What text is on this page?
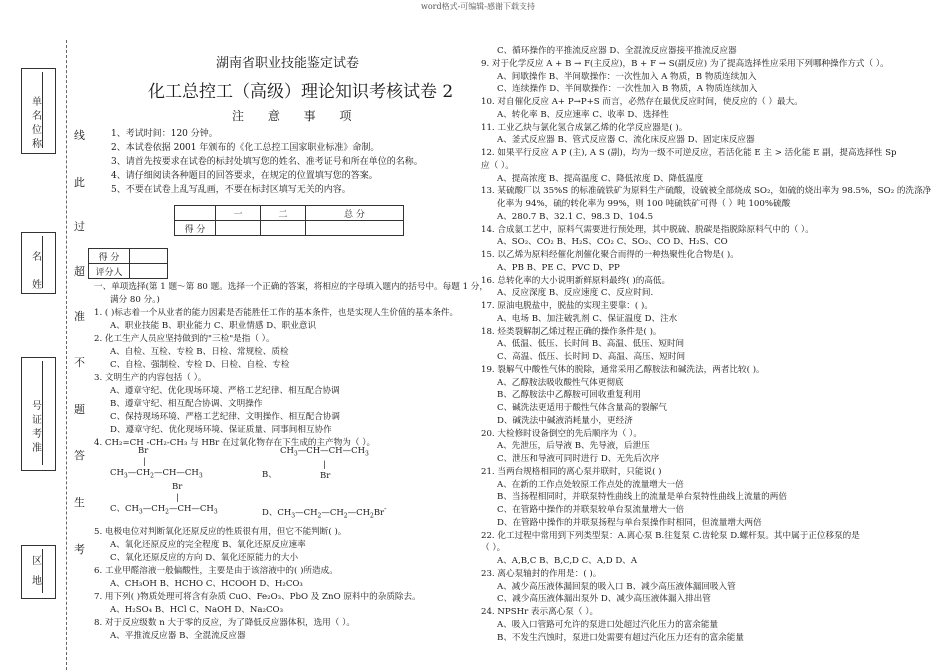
word格式-可编辑-感谢下载支持
单
名
位
称
名
姓
号
证
考
准
区
地
线
此
过
超
准
不
题
答
生
考
湖南省职业技能鉴定试卷
化工总控工（高级）理论知识考核试卷 2
注 意 事 项
1、考试时间：120 分钟。
2、本试卷依据 2001 年颁布的《化工总控工国家职业标准》命制。
3、请首先按要求在试卷的标封处填写您的姓名、准考证号和所在单位的名称。
4、请仔细阅读各种题目的回答要求，在规定的位置填写您的答案。
5、不要在试卷上乱写乱画，不要在标封区填写无关的内容。
	一	二	总 分
得 分			
得 分	
评分人	
一、单项选择(第 1 题～第 80 题。选择一个正确的答案，将相应的字母填入题内的括号中。每题 1 分，
满分 80 分。)
1. ( )标志着一个从业者的能力因素是否能胜任工作的基本条件，也是实现人生价值的基本条件。
A、职业技能 B、职业能力 C、职业情感 D、职业意识
2. 化工生产人员应坚持做到的"三检"是指（ ）。
A、自检、互检、专检 B、日检、常规检、质检
C、自检、强制检、专检 D、日检、自检、专检
3. 文明生产的内容包括（ ）。
A、遵章守纪、优化现场环境、严格工艺纪律、相互配合协调
B、遵章守纪、相互配合协调、文明操作
C、保持现场环境、严格工艺纪律、文明操作、相互配合协调
D、遵章守纪、优化现场环境、保证质量、同事间相互协作
4. CH₂=CH -CH₂-CH₃ 与 HBr 在过氧化物存在下生成的主产物为（ ）。
Br
|
$CH_3—CH_2—CH—CH_3$	B、
$CH_3—CH—CH—CH_3$
|
Br
Br
|
C、$CH_3—CH_2—CH—CH_3$	D、$CH_3—CH_2—CH_2—CH_2Br^-$
5. 电极电位对判断氧化还原反应的性质很有用，但它不能判断( )。
A、氧化还原反应的完全程度 B、氧化还原反应速率
C、氧化还原反应的方向 D、氧化还原能力的大小
6. 工业甲醛溶液一般偏酸性，主要是由于该溶液中的( )所造成。
A、CH₃OH B、HCHO C、HCOOH D、H₂CO₃
7. 用下列( )物质处理可将含有杂质 CuO、Fe₂O₃、PbO 及 ZnO 原料中的杂质除去。
A、H₂SO₄ B、HCl C、NaOH D、Na₂CO₃
8. 对于反应级数 n 大于零的反应，为了降低反应器体积，选用（ ）。
A、平推流反应器 B、全混流反应器
C、循环操作的平推流反应器 D、全混流反应器接平推流反应器
9. 对于化学反应 A + B → F(主反应)，B + F → S(副反应) 为了提高选择性应采用下列哪种操作方式（ ）。
A、间歇操作 B、半间歇操作：一次性加入 A 物质，B 物质连续加入
C、连续操作 D、半间歇操作：一次性加入 B 物质，A 物质连续加入
10. 对自催化反应 A+ P→P+S 而言，必然存在最优反应时间，使反应的（ ）最大。
A、转化率 B、反应速率 C、收率 D、选择性
11. 工业乙炔与氯化氢合成氯乙烯的化学反应器是( )。
A、釜式反应器 B、管式反应器 C、流化床反应器 D、固定床反应器
12. 如果平行反应 A P (主), A S (副)，均为一级不可逆反应，若活化能 E 主 > 活化能 E 副，提高选择性 Sp
应（ ）。
A、提高浓度 B、提高温度 C、降低浓度 D、降低温度
13. 某硫酸厂以 35%S 的标准硫铁矿为原料生产硫酸，设硫被全部烧成 SO₂，如硫的烧出率为 98.5%，SO₂ 的洗涤净
化率为 94%，硫的转化率为 99%，则 100 吨硫铁矿可得（ ）吨 100%硫酸
A、280.7 B、32.1 C、98.3 D、104.5
14. 合成氨工艺中，原料气需要进行预处理，其中脱硫、脱碳是指脱除原料气中的（ ）。
A、SO₂、CO₂ B、H₂S、CO₂ C、SO₂、CO D、H₂S、CO
15. 以乙烯为原料经催化剂催化聚合而得的一种热聚性化合物是( )。
A、PB B、PE C、PVC D、PP
16. 总转化率的大小说明新鲜原料最终( )的高低。
A、反应深度 B、反应速度 C、反应时间.
17. 原油电脱盐中，脱盐的实现主要靠：( )。
A、电场 B、加注破乳剂 C、保证温度 D、注水
18. 烃类裂解制乙烯过程正确的操作条件是( )。
A、低温、低压、长时间 B、高温、低压、短时间
C、高温、低压、长时间 D、高温、高压、短时间
19. 裂解气中酸性气体的脱除，通常采用乙醇胺法和碱洗法，两者比较( )。
A、乙醇胺法吸收酸性气体更彻底
B、乙醇胺法中乙醇胺可回收重复利用
C、碱洗法更适用于酸性气体含量高的裂解气
D、碱洗法中碱液消耗量小，更经济
20. 大检修时设备倒空的先后顺序为（ ）。
A、先泄压，后导液 B、先导液，后泄压
C、泄压和导液可同时进行 D、无先后次序
21. 当两台规格相同的离心泵并联时，只能说( )
A、在新的工作点处较原工作点处的流量增大一倍
B、当扬程相同时，并联泵特性曲线上的流量是单台泵特性曲线上流量的两倍
C、在管路中操作的并联泵较单台泵流量增大一倍
D、在管路中操作的并联泵扬程与单台泵操作时相同，但流量增大两倍
22. 化工过程中常用到下列类型泵：A.离心泵 B.往复泵 C.齿轮泵 D.螺杆泵。其中属于正位移泵的是
（ ）。
A、A,B,C B、B,C,D C、A,D D、A
23. 离心泵轴封的作用是：( )。
A、减少高压液体漏回泵的吸入口 B、减少高压液体漏回吸入管
C、减少高压液体漏出泵外 D、减少高压液体漏入排出管
24. NPSHr 表示离心泵（ ）。
A、吸入口管路可允许的泵进口处超过汽化压力的富余能量
B、不发生汽蚀时，泵进口处需要有超过汽化压力还有的富余能量
